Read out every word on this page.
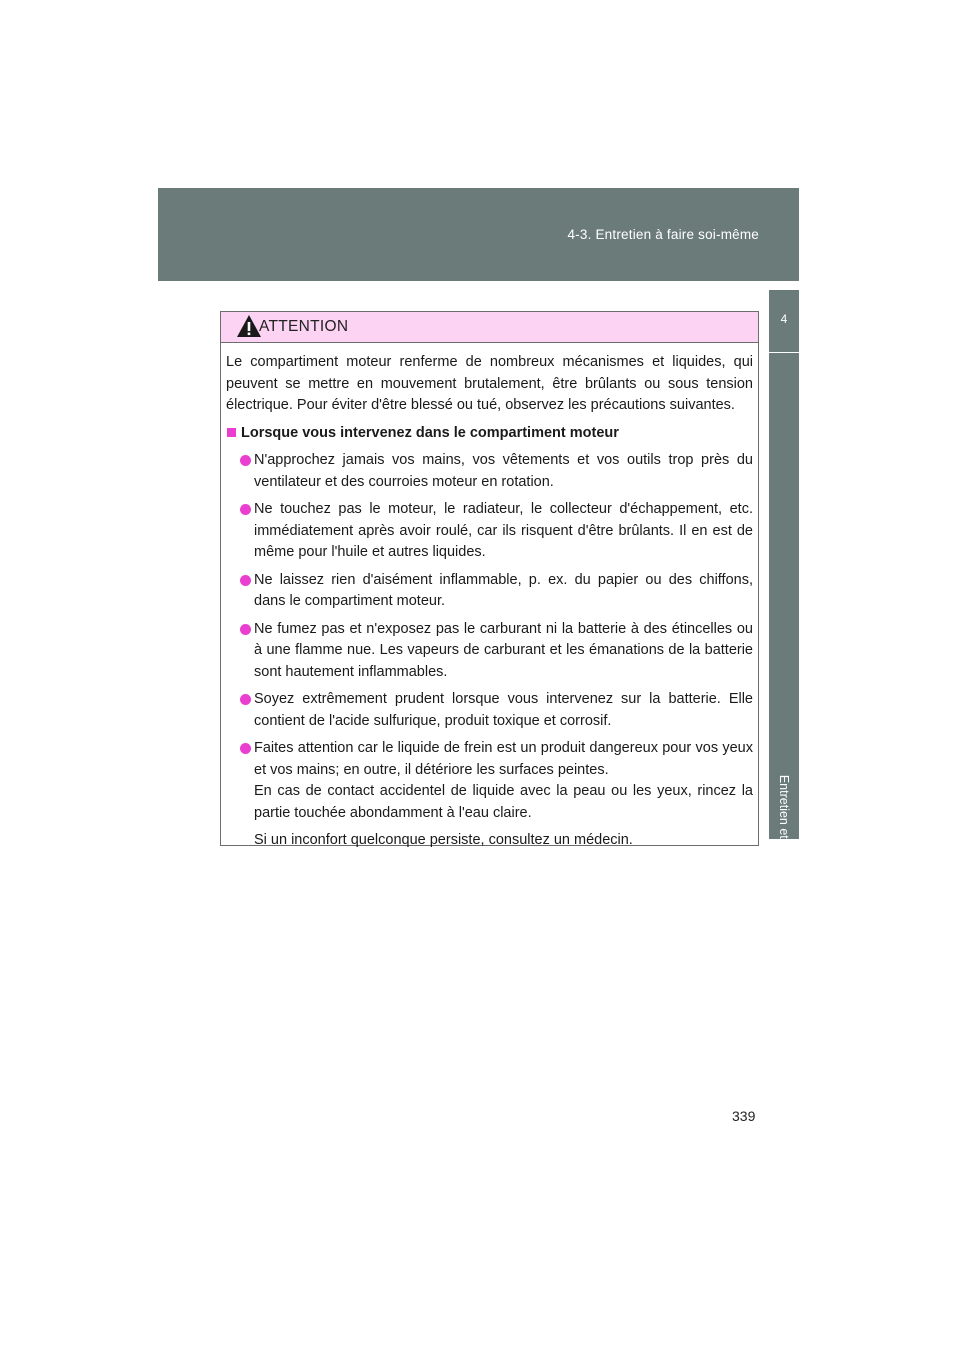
4-3. Entretien à faire soi-même
4
Entretien et soin
ATTENTION

Le compartiment moteur renferme de nombreux mécanismes et liquides, qui peuvent se mettre en mouvement brutalement, être brûlants ou sous tension électrique. Pour éviter d'être blessé ou tué, observez les précautions suivantes.

Lorsque vous intervenez dans le compartiment moteur
N'approchez jamais vos mains, vos vêtements et vos outils trop près du ventilateur et des courroies moteur en rotation.
Ne touchez pas le moteur, le radiateur, le collecteur d'échappement, etc. immédiatement après avoir roulé, car ils risquent d'être brûlants. Il en est de même pour l'huile et autres liquides.
Ne laissez rien d'aisément inflammable, p. ex. du papier ou des chiffons, dans le compartiment moteur.
Ne fumez pas et n'exposez pas le carburant ni la batterie à des étincelles ou à une flamme nue. Les vapeurs de carburant et les émanations de la batterie sont hautement inflammables.
Soyez extrêmement prudent lorsque vous intervenez sur la batterie. Elle contient de l'acide sulfurique, produit toxique et corrosif.
Faites attention car le liquide de frein est un produit dangereux pour vos yeux et vos mains; en outre, il détériore les surfaces peintes.
En cas de contact accidentel de liquide avec la peau ou les yeux, rincez la partie touchée abondamment à l'eau claire.

Si un inconfort quelconque persiste, consultez un médecin.

339
